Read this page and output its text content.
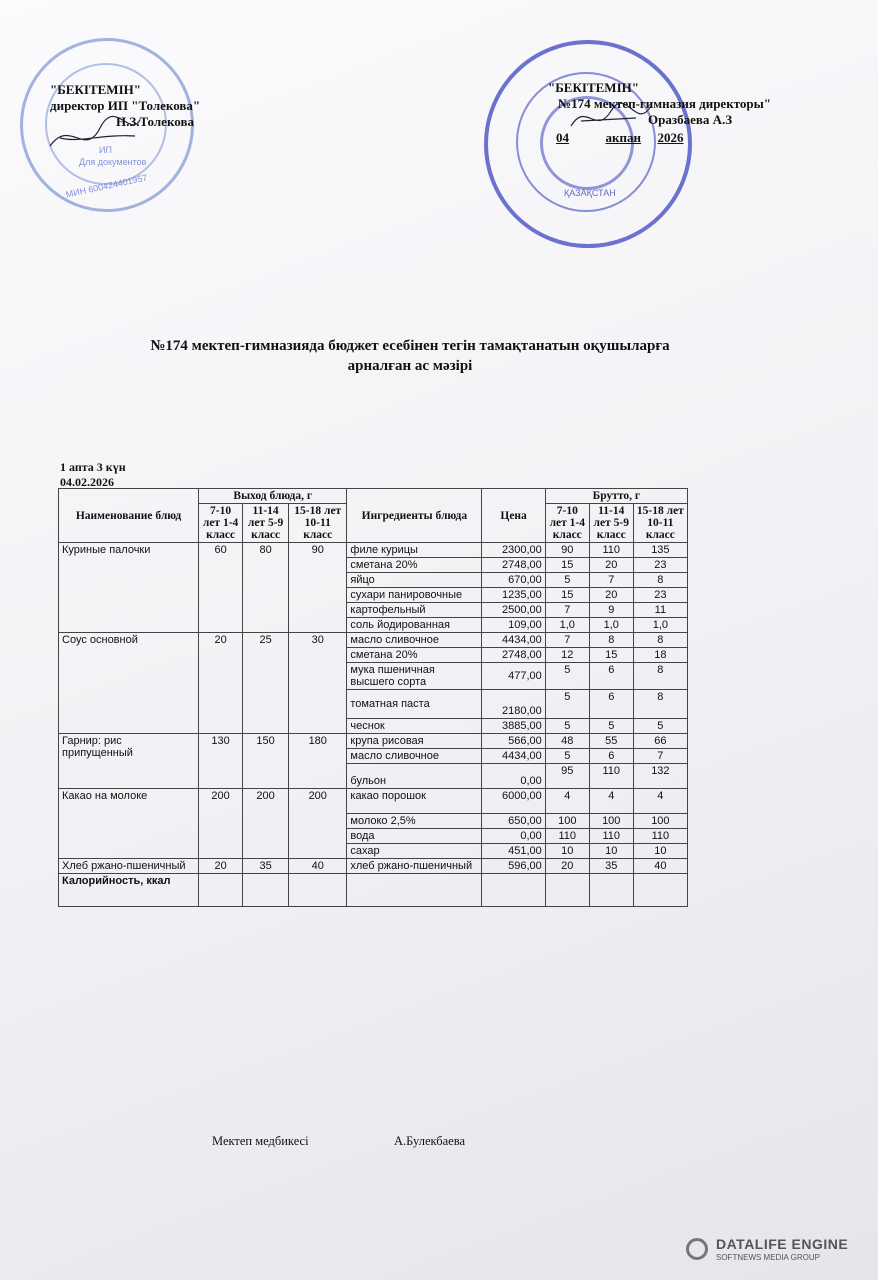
Для документов
ИП
МИН 600424401957	ҚАЗАҚСТАН
"БЕКІТЕМІН"
директор ИП "Толекова"
Н.З.Толекова
"БЕКІТЕМІН"
№174 мектеп-гимназия директоры"
Оразбаева А.З
04	акпан 2026
№174 мектеп-гимназияда бюджет есебінен тегін тамақтанатын оқушыларға
арналған ас мәзірі
1 апта 3 күн
04.02.2026
Наименование блюд	Выход блюда, г			Ингредиенты блюда	Цена	Брутто, г		
	7-10 лет 1-4 класс	11-14 лет 5-9 класс	15-18 лет 10-11 класс			7-10 лет 1-4 класс	11-14 лет 5-9 класс	15-18 лет 10-11 класс
Куриные палочки	60	80	90	филе курицы	2300,00	90	110	135
				сметана 20%	2748,00	15	20	23
				яйцо	670,00	5	7	8
				сухари панировочные	1235,00	15	20	23
				картофельный	2500,00	7	9	11
				соль йодированная	109,00	1,0	1,0	1,0
Соус основной	20	25	30	масло сливочное	4434,00	7	8	8
				сметана 20%	2748,00	12	15	18
				мука пшеничная высшего сорта	477,00	5	6	8
				томатная паста	2180,00	5	6	8
				чеснок	3885,00	5	5	5
Гарнир: рис припущенный	130	150	180	крупа рисовая	566,00	48	55	66
				масло сливочное	4434,00	5	6	7
				бульон	0,00	95	110	132
Какао на молоке	200	200	200	какао порошок	6000,00	4	4	4
				молоко 2,5%	650,00	100	100	100
				вода	0,00	110	110	110
				сахар	451,00	10	10	10
Хлеб ржано-пшеничный	20	35	40	хлеб ржано-пшеничный	596,00	20	35	40
Калорийность, ккал								
Мектеп медбикесі	А.Булекбаева
DATALIFE ENGINE
SOFTNEWS MEDIA GROUP
